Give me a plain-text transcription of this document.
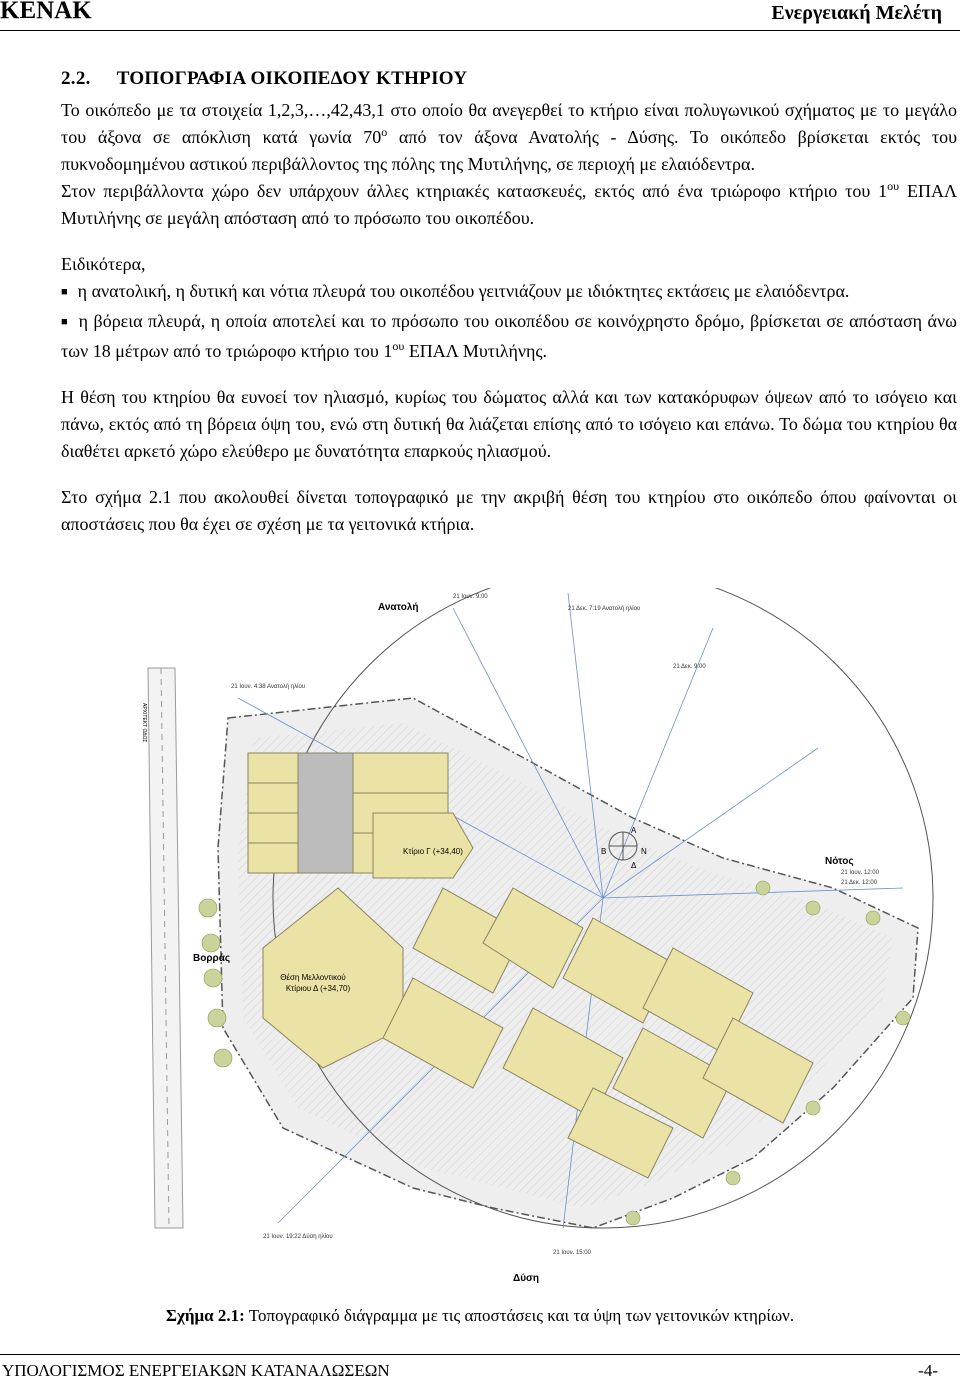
ΚΕΝΑΚ	Ενεργειακή Μελέτη
2.2. ΤΟΠΟΓΡΑΦΙΑ ΟΙΚΟΠΕΔΟΥ ΚΤΗΡΙΟΥ

Το οικόπεδο με τα στοιχεία 1,2,3,…,42,43,1 στο οποίο θα ανεγερθεί το κτήριο είναι πολυγωνικού σχήματος με το μεγάλο του άξονα σε απόκλιση κατά γωνία $70^o$ από τον άξονα Ανατολής - Δύσης. Το οικόπεδο βρίσκεται εκτός του πυκνοδομημένου αστικού περιβάλλοντος της πόλης της Μυτιλήνης, σε περιοχή με ελαιόδεντρα.

Στον περιβάλλοντα χώρο δεν υπάρχουν άλλες κτηριακές κατασκευές, εκτός από ένα τριώροφο κτήριο του $1^{o\upsilon}$ ΕΠΑΛ Μυτιλήνης σε μεγάλη απόσταση από το πρόσωπο του οικοπέδου.

Ειδικότερα,

■ η ανατολική, η δυτική και νότια πλευρά του οικοπέδου γειτνιάζουν με ιδιόκτητες εκτάσεις με ελαιόδεντρα.

■ η βόρεια πλευρά, η οποία αποτελεί και το πρόσωπο του οικοπέδου σε κοινόχρηστο δρόμο, βρίσκεται σε απόσταση άνω των 18 μέτρων από το τριώροφο κτήριο του $1^{o\upsilon}$ ΕΠΑΛ Μυτιλήνης.

Η θέση του κτηρίου θα ευνοεί τον ηλιασμό, κυρίως του δώματος αλλά και των κατακόρυφων όψεων από το ισόγειο και πάνω, εκτός από τη βόρεια όψη του, ενώ στη δυτική θα λιάζεται επίσης από το ισόγειο και επάνω. Το δώμα του κτηρίου θα διαθέτει αρκετό χώρο ελεύθερο με δυνατότητα επαρκούς ηλιασμού.

Στο σχήμα 2.1 που ακολουθεί δίνεται τοπογραφικό με την ακριβή θέση του κτηρίου στο οικόπεδο όπου φαίνονται οι αποστάσεις που θα έχει σε σχέση με τα γειτονικά κτήρια.

Κτίριο Γ (+34,40)
Θέση Μελλοντικού
Κτίριου Δ (+34,70)
Α
Δ
Β	Ν
Ανατολή
Δύση
Βορράς
Νότος
21 Ιουν. 4:38 Ανατολή ηλίου
21 Ιουν. 9:00
21 Δεκ. 7:19 Ανατολή ηλίου
21 Δεκ. 9:00
21 Ιουν. 12:00
21 Δεκ. 12:00
21 Ιουν. 15:00
21 Ιουν. 19:22 Δύση ηλίου
ΑΡΧΙΤΕΚΤ ΟΔΟΣ
Σχήμα 2.1: Τοπογραφικό διάγραμμα με τις αποστάσεις και τα ύψη των γειτονικών κτηρίων.
ΥΠΟΛΟΓΙΣΜΟΣ ΕΝΕΡΓΕΙΑΚΩΝ ΚΑΤΑΝΑΛΩΣΕΩΝ	-4-
